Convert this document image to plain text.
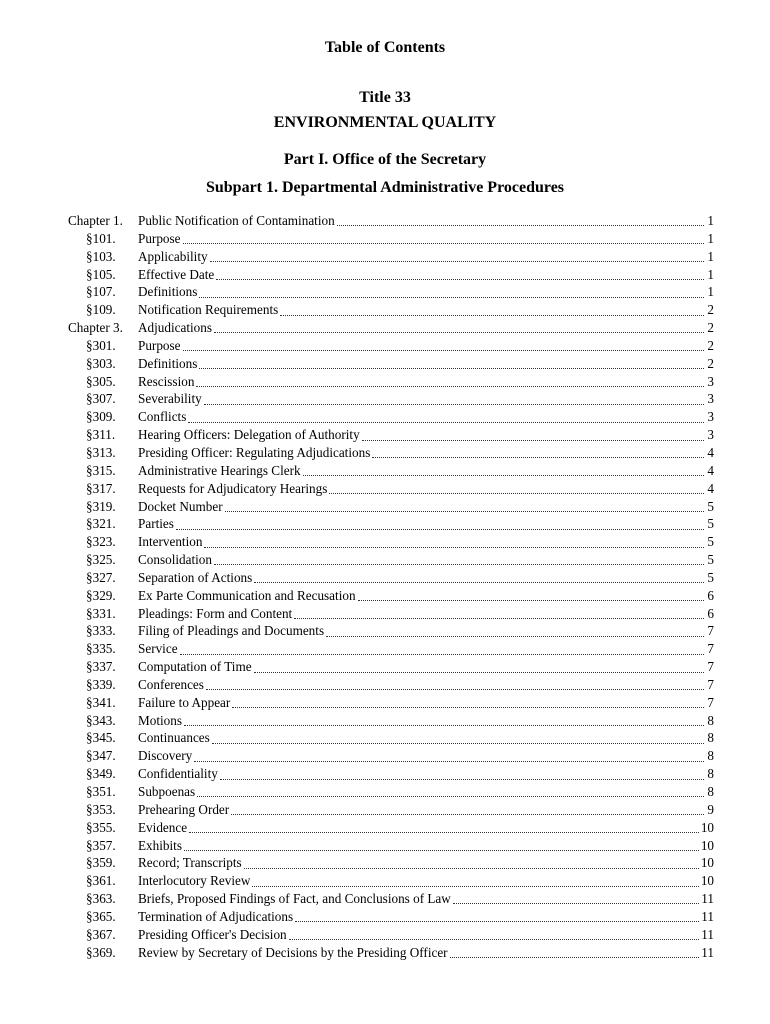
Table of Contents
Title 33
ENVIRONMENTAL QUALITY
Part I. Office of the Secretary
Subpart 1. Departmental Administrative Procedures
Chapter 1.	Public Notification of Contamination	1
§101.	Purpose	1
§103.	Applicability	1
§105.	Effective Date	1
§107.	Definitions	1
§109.	Notification Requirements	2
Chapter 3.	Adjudications	2
§301.	Purpose	2
§303.	Definitions	2
§305.	Rescission	3
§307.	Severability	3
§309.	Conflicts	3
§311.	Hearing Officers: Delegation of Authority	3
§313.	Presiding Officer: Regulating Adjudications	4
§315.	Administrative Hearings Clerk	4
§317.	Requests for Adjudicatory Hearings	4
§319.	Docket Number	5
§321.	Parties	5
§323.	Intervention	5
§325.	Consolidation	5
§327.	Separation of Actions	5
§329.	Ex Parte Communication and Recusation	6
§331.	Pleadings: Form and Content	6
§333.	Filing of Pleadings and Documents	7
§335.	Service	7
§337.	Computation of Time	7
§339.	Conferences	7
§341.	Failure to Appear	7
§343.	Motions	8
§345.	Continuances	8
§347.	Discovery	8
§349.	Confidentiality	8
§351.	Subpoenas	8
§353.	Prehearing Order	9
§355.	Evidence	10
§357.	Exhibits	10
§359.	Record; Transcripts	10
§361.	Interlocutory Review	10
§363.	Briefs, Proposed Findings of Fact, and Conclusions of Law	11
§365.	Termination of Adjudications	11
§367.	Presiding Officer's Decision	11
§369.	Review by Secretary of Decisions by the Presiding Officer	11
